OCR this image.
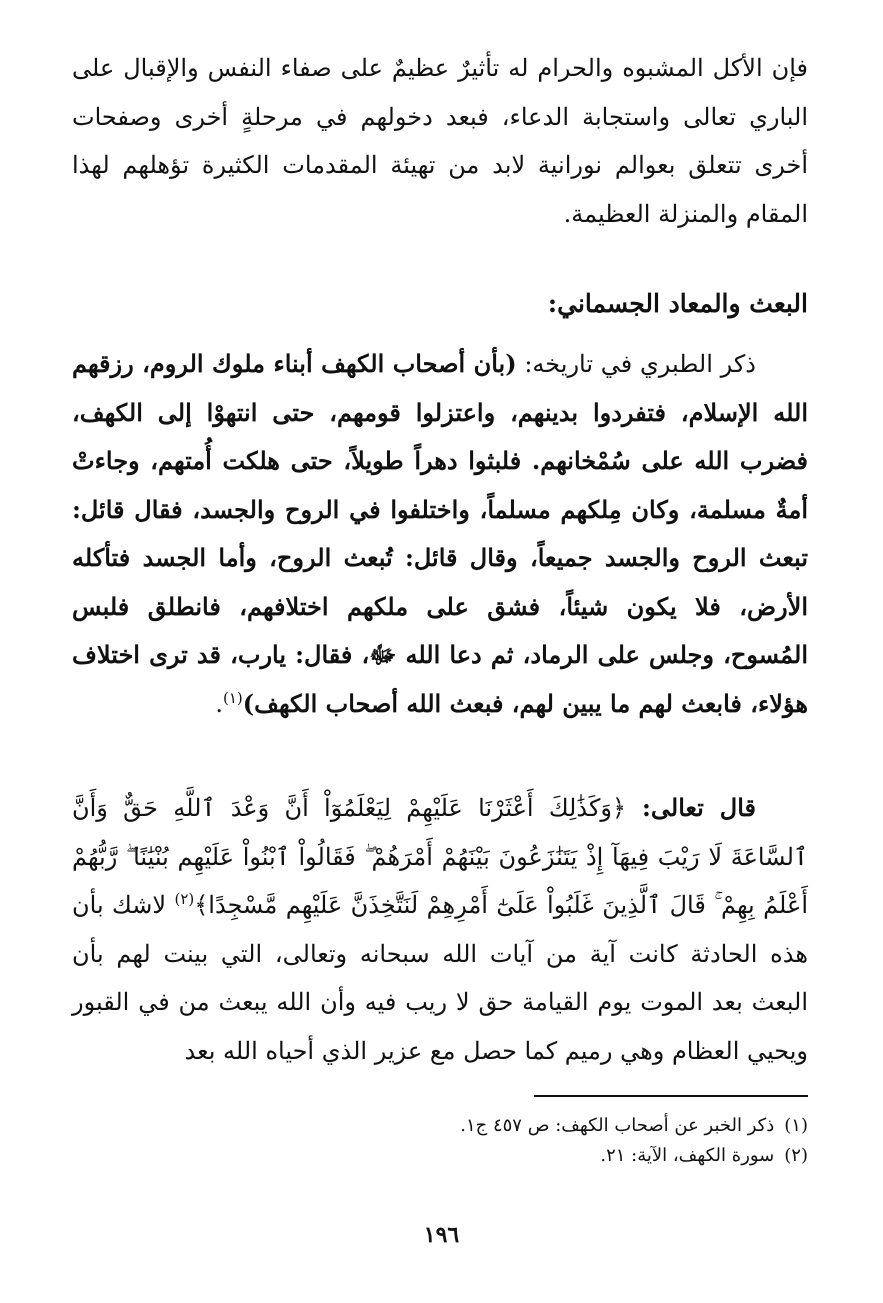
فإن الأكل المشبوه والحرام له تأثيرٌ عظيمٌ على صفاء النفس والإقبال على الباري تعالى واستجابة الدعاء، فبعد دخولهم في مرحلةٍ أخرى وصفحات أخرى تتعلق بعوالم نورانية لابد من تهيئة المقدمات الكثيرة تؤهلهم لهذا المقام والمنزلة العظيمة.

البعث والمعاد الجسماني:

ذكر الطبري في تاريخه: (بأن أصحاب الكهف أبناء ملوك الروم، رزقهم الله الإسلام، فتفردوا بدينهم، واعتزلوا قومهم، حتى انتهوْا إلى الكهف، فضرب الله على سُمْخانهم. فلبثوا دهراً طويلاً، حتى هلكت أُمتهم، وجاءتْ أمةٌ مسلمة، وكان مِلكهم مسلماً، واختلفوا في الروح والجسد، فقال قائل: تبعث الروح والجسد جميعاً، وقال قائل: تُبعث الروح، وأما الجسد فتأكله الأرض، فلا يكون شيئاً، فشق على ملكهم اختلافهم، فانطلق فلبس المُسوح، وجلس على الرماد، ثم دعا الله ﷻ، فقال: يارب، قد ترى اختلاف هؤلاء، فابعث لهم ما يبين لهم، فبعث الله أصحاب الكهف)$^{(١)}$.

قال تعالى: ﴿وَكَذَٰلِكَ أَعْثَرْنَا عَلَيْهِمْ لِيَعْلَمُوٓاْ أَنَّ وَعْدَ ٱللَّهِ حَقٌّ وَأَنَّ ٱلسَّاعَةَ لَا رَيْبَ فِيهَآ إِذْ يَتَنَٰزَعُونَ بَيْنَهُمْ أَمْرَهُمْ ۖ فَقَالُواْ ٱبْنُواْ عَلَيْهِم بُنْيَٰنًا ۖ رَّبُّهُمْ أَعْلَمُ بِهِمْ ۚ قَالَ ٱلَّذِينَ غَلَبُواْ عَلَىٰٓ أَمْرِهِمْ لَنَتَّخِذَنَّ عَلَيْهِم مَّسْجِدًا﴾$^{(٢)}$ لاشك بأن هذه الحادثة كانت آية من آيات الله سبحانه وتعالى، التي بينت لهم بأن البعث بعد الموت يوم القيامة حق لا ريب فيه وأن الله يبعث من في القبور ويحيي العظام وهي رميم كما حصل مع عزير الذي أحياه الله بعد

(١)ذكر الخبر عن أصحاب الكهف: ص ٤٥٧ ج١.

(٢)سورة الكهف، الآية: ٢١.

١٩٦
